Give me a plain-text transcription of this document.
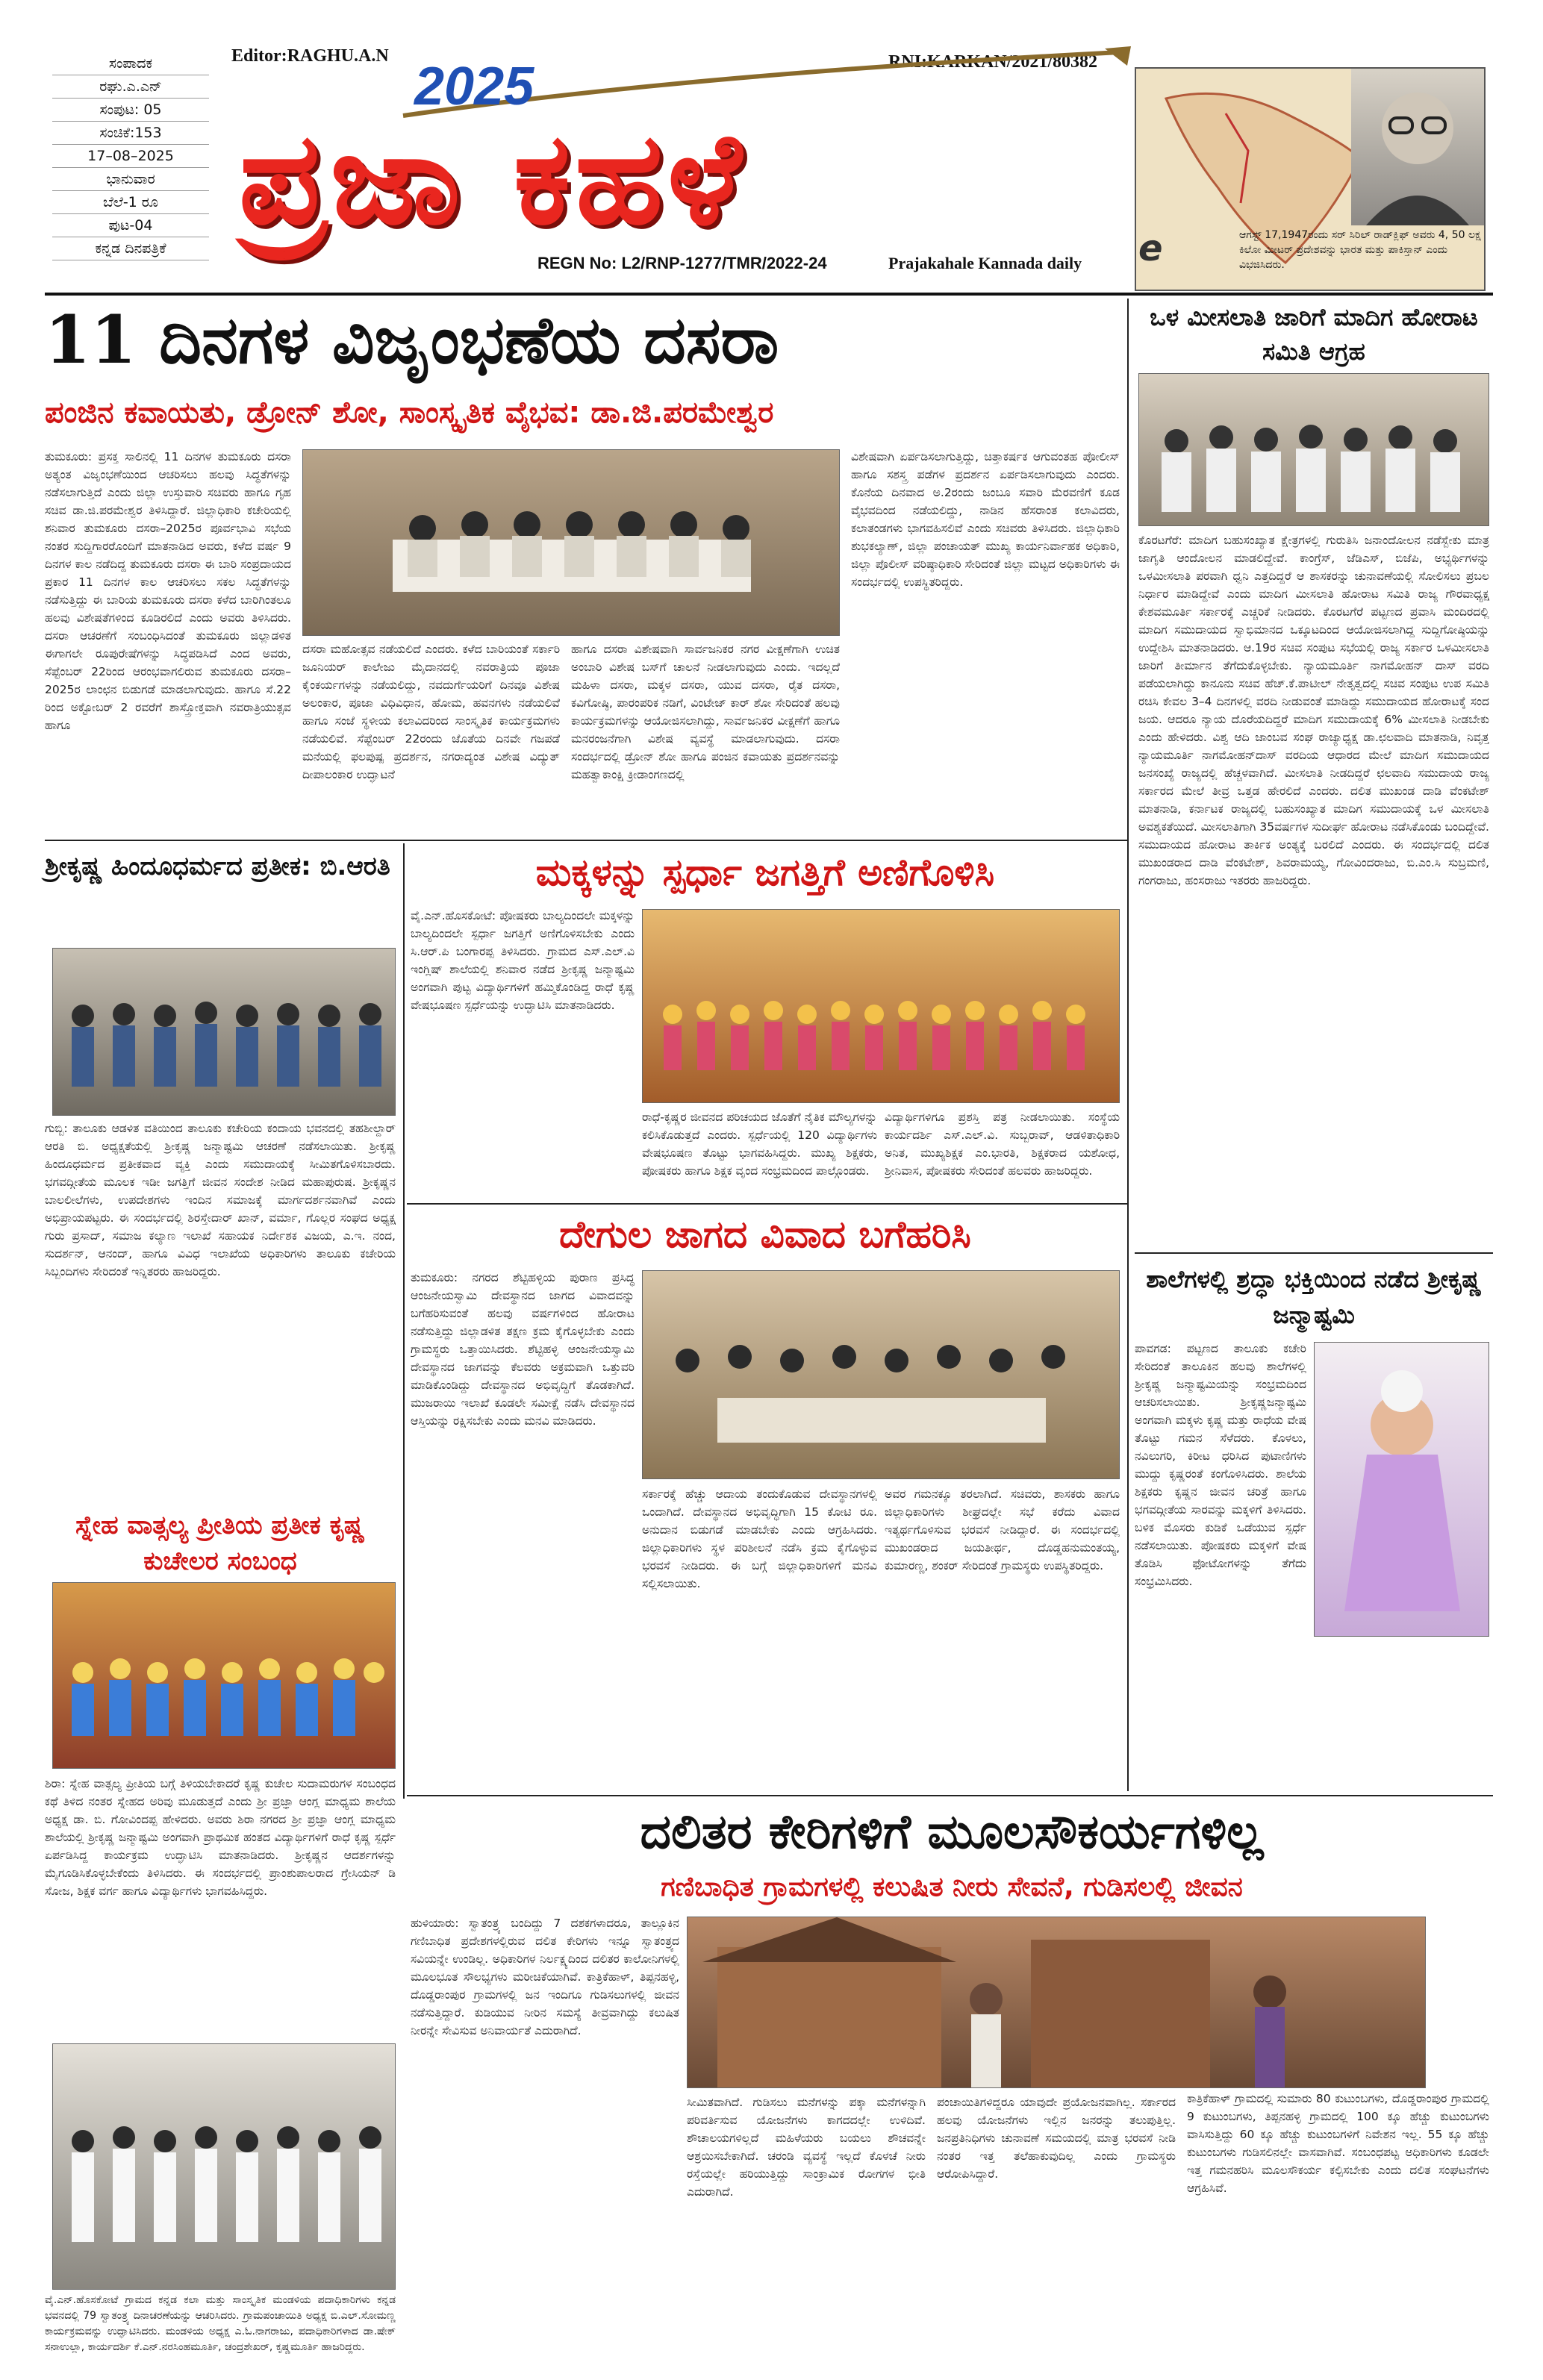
ಸಂಪಾದಕ
ರಘು.ಎ.ಎನ್
ಸಂಪುಟ: 05
ಸಂಚಿಕೆ:153
17–08–2025
ಭಾನುವಾರ
ಬೆಲೆ-1 ರೂ
ಪುಟ-04
ಕನ್ನಡ ದಿನಪತ್ರಿಕೆ
Editor:RAGHU.A.N	RNI:KARKAN/2021/80382
2025
ಪ್ರಜಾ ಕಹಳೆ
REGN No: L2/RNP-1277/TMR/2022-24	Prajakahale Kannada daily e	ಆಗಸ್ಟ್ 17,1947ರಂದು ಸರ್ ಸಿರಿಲ್ ರಾಡ್‌ಕ್ಲಿಫ್ ಅವರು 4, 50 ಲಕ್ಷ ಕಿಲೋ ಮೀಟರ್ ಪ್ರದೇಶವನ್ನು ಭಾರತ ಮತ್ತು ಪಾಕಿಸ್ತಾನ್ ಎಂದು ವಿಭಜಿಸಿದರು.
11 ದಿನಗಳ ವಿಜೃಂಭಣೆಯ ದಸರಾ
ಪಂಜಿನ ಕವಾಯತು, ಡ್ರೋನ್ ಶೋ, ಸಾಂಸ್ಕೃತಿಕ ವೈಭವ: ಡಾ.ಜಿ.ಪರಮೇಶ್ವರ
ತುಮಕೂರು: ಪ್ರಸಕ್ತ ಸಾಲಿನಲ್ಲಿ 11 ದಿನಗಳ ತುಮಕೂರು ದಸರಾ ಅತ್ಯಂತ ವಿಜೃಂಭಣೆಯಿಂದ ಆಚರಿಸಲು ಹಲವು ಸಿದ್ಧತೆಗಳನ್ನು ನಡೆಸಲಾಗುತ್ತಿದೆ ಎಂದು ಜಿಲ್ಲಾ ಉಸ್ತುವಾರಿ ಸಚಿವರು ಹಾಗೂ ಗೃಹ ಸಚಿವ ಡಾ.ಜಿ.ಪರಮೇಶ್ವರ ತಿಳಿಸಿದ್ದಾರೆ. ಜಿಲ್ಲಾಧಿಕಾರಿ ಕಚೇರಿಯಲ್ಲಿ ಶನಿವಾರ ತುಮಕೂರು ದಸರಾ–2025ರ ಪೂರ್ವಭಾವಿ ಸಭೆಯ ನಂತರ ಸುದ್ದಿಗಾರರೊಂದಿಗೆ ಮಾತನಾಡಿದ ಅವರು, ಕಳೆದ ವರ್ಷ 9 ದಿನಗಳ ಕಾಲ ನಡೆದಿದ್ದ ತುಮಕೂರು ದಸರಾ ಈ ಬಾರಿ ಸಂಪ್ರದಾಯದ ಪ್ರಕಾರ 11 ದಿನಗಳ ಕಾಲ ಆಚರಿಸಲು ಸಕಲ ಸಿದ್ಧತೆಗಳನ್ನು ನಡೆಸುತ್ತಿದ್ದು ಈ ಬಾರಿಯ ತುಮಕೂರು ದಸರಾ ಕಳೆದ ಬಾರಿಗಿಂತಲೂ ಹಲವು ವಿಶೇಷತೆಗಳಿಂದ ಕೂಡಿರಲಿದೆ ಎಂದು ಅವರು ತಿಳಿಸಿದರು. ದಸರಾ ಆಚರಣೆಗೆ ಸಂಬಂಧಿಸಿದಂತೆ ತುಮಕೂರು ಜಿಲ್ಲಾಡಳಿತ ಈಗಾಗಲೇ ರೂಪುರೇಷೆಗಳನ್ನು ಸಿದ್ಧಪಡಿಸಿದೆ ಎಂದ ಅವರು, ಸೆಪ್ಟೆಂಬರ್ 22ರಿಂದ ಆರಂಭವಾಗಲಿರುವ ತುಮಕೂರು ದಸರಾ–2025ರ ಲಾಂಛನ ಬಿಡುಗಡೆ ಮಾಡಲಾಗುವುದು. ಹಾಗೂ ಸೆ.22 ರಿಂದ ಅಕ್ಟೋಬರ್ 2 ರವರೆಗೆ ಶಾಸ್ತ್ರೋಕ್ತವಾಗಿ ನವರಾತ್ರಿಯುತ್ಸವ ಹಾಗೂ
ದಸರಾ ಮಹೋತ್ಸವ ನಡೆಯಲಿದೆ ಎಂದರು. ಕಳೆದ ಬಾರಿಯಂತೆ ಸರ್ಕಾರಿ ಜೂನಿಯರ್ ಕಾಲೇಜು ಮೈದಾನದಲ್ಲಿ ನವರಾತ್ರಿಯ ಪೂಜಾ ಕೈಂಕರ್ಯಗಳನ್ನು ನಡೆಯಲಿದ್ದು, ನವದುರ್ಗೆಯರಿಗೆ ದಿನವೂ ವಿಶೇಷ ಅಲಂಕಾರ, ಪೂಜಾ ವಿಧಿವಿಧಾನ, ಹೋಮ, ಹವನಗಳು ನಡೆಯಲಿವೆ ಹಾಗೂ ಸಂಜೆ ಸ್ಥಳೀಯ ಕಲಾವಿದರಿಂದ ಸಾಂಸ್ಕೃತಿಕ ಕಾರ್ಯಕ್ರಮಗಳು ನಡೆಯಲಿವೆ. ಸೆಪ್ಟೆಂಬರ್ 22ರಂದು ಜೊತೆಯ ದಿನವೇ ಗಜಪಡೆ ಮನೆಯಲ್ಲಿ ಫಲಪುಷ್ಪ ಪ್ರದರ್ಶನ, ನಗರಾದ್ಯಂತ ವಿಶೇಷ ವಿದ್ಯುತ್ ದೀಪಾಲಂಕಾರ ಉದ್ಘಾಟನೆ
ಹಾಗೂ ದಸರಾ ವಿಶೇಷವಾಗಿ ಸಾರ್ವಜನಿಕರ ನಗರ ವೀಕ್ಷಣೆಗಾಗಿ ಉಚಿತ ಅಂಬಾರಿ ವಿಶೇಷ ಬಸ್‌ಗೆ ಚಾಲನೆ ನೀಡಲಾಗುವುದು ಎಂದು. ಇದಲ್ಲದೆ ಮಹಿಳಾ ದಸರಾ, ಮಕ್ಕಳ ದಸರಾ, ಯುವ ದಸರಾ, ರೈತ ದಸರಾ, ಕವಿಗೋಷ್ಠಿ, ಪಾರಂಪರಿಕ ನಡಿಗೆ, ವಿಂಟೇಜ್ ಕಾರ್ ಶೋ ಸೇರಿದಂತೆ ಹಲವು ಕಾರ್ಯಕ್ರಮಗಳನ್ನು ಆಯೋಜಿಸಲಾಗಿದ್ದು, ಸಾರ್ವಜನಿಕರ ವೀಕ್ಷಣೆಗೆ ಹಾಗೂ ಮನರಂಜನೆಗಾಗಿ ವಿಶೇಷ ವ್ಯವಸ್ಥೆ ಮಾಡಲಾಗುವುದು. ದಸರಾ ಸಂದರ್ಭದಲ್ಲಿ ಡ್ರೋನ್ ಶೋ ಹಾಗೂ ಪಂಜಿನ ಕವಾಯತು ಪ್ರದರ್ಶನವನ್ನು ಮಹತ್ವಾಕಾಂಕ್ಷಿ ಕ್ರೀಡಾಂಗಣದಲ್ಲಿ
ವಿಶೇಷವಾಗಿ ಏರ್ಪಡಿಸಲಾಗುತ್ತಿದ್ದು, ಚಿತ್ತಾಕರ್ಷಕ ಆಗುವಂತಹ ಪೋಲೀಸ್ ಹಾಗೂ ಸಶಸ್ತ್ರ ಪಡೆಗಳ ಪ್ರದರ್ಶನ ಏರ್ಪಡಿಸಲಾಗುವುದು ಎಂದರು. ಕೊನೆಯ ದಿನವಾದ ಅ.2ರಂದು ಜಂಬೂ ಸವಾರಿ ಮೆರವಣಿಗೆ ಕೂಡ ವೈಭವದಿಂದ ನಡೆಯಲಿದ್ದು, ನಾಡಿನ ಹೆಸರಾಂತ ಕಲಾವಿದರು, ಕಲಾತಂಡಗಳು ಭಾಗವಹಿಸಲಿವೆ ಎಂದು ಸಚಿವರು ತಿಳಿಸಿದರು. ಜಿಲ್ಲಾಧಿಕಾರಿ ಶುಭಕಲ್ಯಾಣ್, ಜಿಲ್ಲಾ ಪಂಚಾಯತ್ ಮುಖ್ಯ ಕಾರ್ಯನಿರ್ವಾಹಕ ಅಧಿಕಾರಿ, ಜಿಲ್ಲಾ ಪೊಲೀಸ್ ವರಿಷ್ಠಾಧಿಕಾರಿ ಸೇರಿದಂತೆ ಜಿಲ್ಲಾ ಮಟ್ಟದ ಅಧಿಕಾರಿಗಳು ಈ ಸಂದರ್ಭದಲ್ಲಿ ಉಪಸ್ಥಿತರಿದ್ದರು.
ಒಳ ಮೀಸಲಾತಿ ಜಾರಿಗೆ ಮಾದಿಗ ಹೋರಾಟ ಸಮಿತಿ ಆಗ್ರಹ
ಕೊರಟಗೆರೆ: ಮಾದಿಗ ಬಹುಸಂಖ್ಯಾತ ಕ್ಷೇತ್ರಗಳಲ್ಲಿ ಗುರುತಿಸಿ ಜನಾಂದೋಲನ ನಡೆಸ್ಬೇಕು ಮಾತ್ರ ಜಾಗೃತಿ ಆಂದೋಲನ ಮಾಡಲಿದ್ದೇವೆ. ಕಾಂಗ್ರೆಸ್, ಜೆಡಿಎಸ್, ಬಿಜೆಪಿ, ಅಭ್ಯರ್ಥಿಗಳನ್ನು ಒಳಮೀಸಲಾತಿ ಪರವಾಗಿ ಧ್ವನಿ ಎತ್ತದಿದ್ದರೆ ಆ ಶಾಸಕರನ್ನು ಚುನಾವಣೆಯಲ್ಲಿ ಸೋಲಿಸಲು ಪ್ರಬಲ ನಿರ್ಧಾರ ಮಾಡಿದ್ದೇವೆ ಎಂದು ಮಾದಿಗ ಮೀಸಲಾತಿ ಹೋರಾಟ ಸಮಿತಿ ರಾಜ್ಯ ಗೌರವಾಧ್ಯಕ್ಷ ಕೇಶವಮೂರ್ತಿ ಸರ್ಕಾರಕ್ಕೆ ಎಚ್ಚರಿಕೆ ನೀಡಿದರು. ಕೊರಟಗೆರೆ ಪಟ್ಟಣದ ಪ್ರವಾಸಿ ಮಂದಿರದಲ್ಲಿ ಮಾದಿಗ ಸಮುದಾಯದ ಸ್ವಾಭಿಮಾನದ ಒಕ್ಕೂಟದಿಂದ ಆಯೋಜಿಸಲಾಗಿದ್ದ ಸುದ್ದಿಗೋಷ್ಠಿಯನ್ನು ಉದ್ದೇಶಿಸಿ ಮಾತನಾಡಿದರು. ಆ.19ರ ಸಚಿವ ಸಂಪುಟ ಸಭೆಯಲ್ಲಿ ರಾಜ್ಯ ಸರ್ಕಾರ ಒಳಮೀಸಲಾತಿ ಜಾರಿಗೆ ತೀರ್ಮಾನ ತೆಗೆದುಕೊಳ್ಳಬೇಕು. ನ್ಯಾಯಮೂರ್ತಿ ನಾಗಮೋಹನ್ ದಾಸ್ ವರದಿ ಪಡೆಯಲಾಗಿದ್ದು ಕಾನೂನು ಸಚಿವ ಹೆಚ್.ಕೆ.ಪಾಟೀಲ್ ನೇತೃತ್ವದಲ್ಲಿ ಸಚಿವ ಸಂಪುಟ ಉಪ ಸಮಿತಿ ರಚಿಸಿ ಕೇವಲ 3–4 ದಿನಗಳಲ್ಲಿ ವರದಿ ನೀಡುವಂತೆ ಮಾಡಿದ್ದು ಸಮುದಾಯದ ಹೋರಾಟಕ್ಕೆ ಸಂದ ಜಯ. ಆದರೂ ನ್ಯಾಯ ದೊರೆಯದಿದ್ದರೆ ಮಾದಿಗ ಸಮುದಾಯಕ್ಕೆ 6% ಮೀಸಲಾತಿ ನೀಡಬೇಕು ಎಂದು ಹೇಳಿದರು. ವಿಶ್ವ ಆದಿ ಜಾಂಬವ ಸಂಘ ರಾಜ್ಯಾಧ್ಯಕ್ಷ ಡಾ.ಛಲವಾದಿ ಮಾತನಾಡಿ, ನಿವೃತ್ತ ನ್ಯಾಯಮೂರ್ತಿ ನಾಗಮೋಹನ್‌ದಾಸ್ ವರದಿಯ ಆಧಾರದ ಮೇಲೆ ಮಾದಿಗ ಸಮುದಾಯದ ಜನಸಂಖ್ಯೆ ರಾಜ್ಯದಲ್ಲಿ ಹೆಚ್ಚಳವಾಗಿದೆ. ಮೀಸಲಾತಿ ನೀಡದಿದ್ದರೆ ಛಲವಾದಿ ಸಮುದಾಯ ರಾಜ್ಯ ಸರ್ಕಾರದ ಮೇಲೆ ತೀವ್ರ ಒತ್ತಡ ಹೇರಲಿದೆ ಎಂದರು. ದಲಿತ ಮುಖಂಡ ದಾಡಿ ವೆಂಕಟೇಶ್ ಮಾತನಾಡಿ, ಕರ್ನಾಟಕ ರಾಜ್ಯದಲ್ಲಿ ಬಹುಸಂಖ್ಯಾತ ಮಾದಿಗ ಸಮುದಾಯಕ್ಕೆ ಒಳ ಮೀಸಲಾತಿ ಅವಶ್ಯಕತೆಯಿದೆ. ಮೀಸಲಾತಿಗಾಗಿ 35ವರ್ಷಗಳ ಸುದೀರ್ಘ ಹೋರಾಟ ನಡೆಸಿಕೊಂಡು ಬಂದಿದ್ದೇವೆ. ಸಮುದಾಯದ ಹೋರಾಟ ತಾರ್ಕಿಕ ಅಂತ್ಯಕ್ಕೆ ಬರಲಿದೆ ಎಂದರು. ಈ ಸಂದರ್ಭದಲ್ಲಿ ದಲಿತ ಮುಖಂಡರಾದ ದಾಡಿ ವೆಂಕಟೇಶ್, ಶಿವರಾಮಯ್ಯ, ಗೋವಿಂದರಾಜು, ಬಿ.ಎಂ.ಸಿ ಸುಬ್ರಮಣಿ, ಗಂಗರಾಜು, ಹಂಸರಾಜು ಇತರರು ಹಾಜರಿದ್ದರು.
ಶ್ರೀಕೃಷ್ಣ ಹಿಂದೂಧರ್ಮದ ಪ್ರತೀಕ: ಬಿ.ಆರತಿ
ಗುಬ್ಬಿ: ತಾಲೂಕು ಆಡಳಿತ ವತಿಯಿಂದ ತಾಲೂಕು ಕಚೇರಿಯ ಕಂದಾಯ ಭವನದಲ್ಲಿ ತಹಶೀಲ್ದಾರ್ ಆರತಿ ಬಿ. ಅಧ್ಯಕ್ಷತೆಯಲ್ಲಿ ಶ್ರೀಕೃಷ್ಣ ಜನ್ಮಾಷ್ಟಮಿ ಆಚರಣೆ ನಡೆಸಲಾಯಿತು. ಶ್ರೀಕೃಷ್ಣ ಹಿಂದೂಧರ್ಮದ ಪ್ರತೀಕವಾದ ವ್ಯಕ್ತಿ ಎಂದು ಸಮುದಾಯಕ್ಕೆ ಸೀಮಿತಗೊಳಿಸಬಾರದು. ಭಗವದ್ಗೀತೆಯ ಮೂಲಕ ಇಡೀ ಜಗತ್ತಿಗೆ ಜೀವನ ಸಂದೇಶ ನೀಡಿದ ಮಹಾಪುರುಷ. ಶ್ರೀಕೃಷ್ಣನ ಬಾಲಲೀಲೆಗಳು, ಉಪದೇಶಗಳು ಇಂದಿನ ಸಮಾಜಕ್ಕೆ ಮಾರ್ಗದರ್ಶನವಾಗಿವೆ ಎಂದು ಅಭಿಪ್ರಾಯಪಟ್ಟರು. ಈ ಸಂದರ್ಭದಲ್ಲಿ ಶಿರಸ್ತೇದಾರ್ ಖಾನ್, ವರ್ಮಾ, ಗೊಲ್ಲರ ಸಂಘದ ಅಧ್ಯಕ್ಷ ಗುರು ಪ್ರಸಾದ್, ಸಮಾಜ ಕಲ್ಯಾಣ ಇಲಾಖೆ ಸಹಾಯಕ ನಿರ್ದೇಶಕ ವಿಜಯ, ಎ.ಇ. ನಂದ, ಸುದರ್ಶನ್, ಆನಂದ್, ಹಾಗೂ ವಿವಿಧ ಇಲಾಖೆಯ ಅಧಿಕಾರಿಗಳು ತಾಲೂಕು ಕಚೇರಿಯ ಸಿಬ್ಬಂದಿಗಳು ಸೇರಿದಂತೆ ಇನ್ನಿತರರು ಹಾಜರಿದ್ದರು.
ಸ್ನೇಹ ವಾತ್ಸಲ್ಯ ಪ್ರೀತಿಯ ಪ್ರತೀಕ ಕೃಷ್ಣ ಕುಚೇಲರ ಸಂಬಂಧ
ಶಿರಾ: ಸ್ನೇಹ ವಾತ್ಸಲ್ಯ ಪ್ರೀತಿಯ ಬಗ್ಗೆ ತಿಳಿಯಬೇಕಾದರೆ ಕೃಷ್ಣ ಕುಚೇಲ ಸುದಾಮರುಗಳ ಸಂಬಂಧದ ಕಥೆ ತಿಳಿದ ನಂತರ ಸ್ನೇಹದ ಅರಿವು ಮೂಡುತ್ತದೆ ಎಂದು ಶ್ರೀ ಪ್ರಜ್ಞಾ ಆಂಗ್ಲ ಮಾಧ್ಯಮ ಶಾಲೆಯ ಅಧ್ಯಕ್ಷ ಡಾ. ಬಿ. ಗೋವಿಂದಪ್ಪ ಹೇಳಿದರು. ಅವರು ಶಿರಾ ನಗರದ ಶ್ರೀ ಪ್ರಜ್ಞಾ ಆಂಗ್ಲ ಮಾಧ್ಯಮ ಶಾಲೆಯಲ್ಲಿ ಶ್ರೀಕೃಷ್ಣ ಜನ್ಮಾಷ್ಟಮಿ ಅಂಗವಾಗಿ ಪ್ರಾಥಮಿಕ ಹಂತದ ವಿದ್ಯಾರ್ಥಿಗಳಿಗೆ ರಾಧೆ ಕೃಷ್ಣ ಸ್ಪರ್ಧೆ ಏರ್ಪಡಿಸಿದ್ದ ಕಾರ್ಯಕ್ರಮ ಉದ್ಘಾಟಿಸಿ ಮಾತನಾಡಿದರು. ಶ್ರೀಕೃಷ್ಣನ ಆದರ್ಶಗಳನ್ನು ಮೈಗೂಡಿಸಿಕೊಳ್ಳಬೇಕೆಂದು ತಿಳಿಸಿದರು. ಈ ಸಂದರ್ಭದಲ್ಲಿ ಪ್ರಾಂಶುಪಾಲರಾದ ಗ್ರೇಸಿಯನ್ ಡಿ ಸೋಜ, ಶಿಕ್ಷಕ ವರ್ಗ ಹಾಗೂ ವಿದ್ಯಾರ್ಥಿಗಳು ಭಾಗವಹಿಸಿದ್ದರು.
ವೈ.ಎನ್.ಹೊಸಕೋಟೆ ಗ್ರಾಮದ ಕನ್ನಡ ಕಲಾ ಮತ್ತು ಸಾಂಸ್ಕೃತಿಕ ಮಂಡಳಿಯ ಪದಾಧಿಕಾರಿಗಳು ಕನ್ನಡ ಭವನದಲ್ಲಿ 79 ಸ್ವಾತಂತ್ರ್ಯ ದಿನಾಚರಣೆಯನ್ನು ಆಚರಿಸಿದರು. ಗ್ರಾಮಪಂಚಾಯಿತಿ ಅಧ್ಯಕ್ಷ ಬಿ.ಎಲ್.ಸೋಮಣ್ಣ ಕಾರ್ಯಕ್ರಮವನ್ನು ಉದ್ಘಾಟಿಸಿದರು. ಮಂಡಳಿಯ ಅಧ್ಯಕ್ಷ ಎ.ಓ.ನಾಗರಾಜು, ಪದಾಧಿಕಾರಿಗಳಾದ ಡಾ.ಷೇಕ್ ಸನಾಉಲ್ಲಾ, ಕಾರ್ಯದರ್ಶಿ ಕೆ.ಎನ್.ನರಸಿಂಹಮೂರ್ತಿ, ಚಂದ್ರಶೇಖರ್, ಕೃಷ್ಣಮೂರ್ತಿ ಹಾಜರಿದ್ದರು.
ಮಕ್ಕಳನ್ನು ಸ್ಪರ್ಧಾ ಜಗತ್ತಿಗೆ ಅಣಿಗೊಳಿಸಿ
ವೈ.ಎನ್.ಹೊಸಕೋಟೆ: ಪೋಷಕರು ಬಾಲ್ಯದಿಂದಲೇ ಮಕ್ಕಳನ್ನು ಬಾಲ್ಯದಿಂದಲೇ ಸ್ಪರ್ಧಾ ಜಗತ್ತಿಗೆ ಅಣಿಗೊಳಿಸಬೇಕು ಎಂದು ಸಿ.ಆರ್.ಪಿ ಬಂಗಾರಪ್ಪ ತಿಳಿಸಿದರು. ಗ್ರಾಮದ ಎಸ್.ಎಲ್.ವಿ ಇಂಗ್ಲಿಷ್ ಶಾಲೆಯಲ್ಲಿ ಶನಿವಾರ ನಡೆದ ಶ್ರೀಕೃಷ್ಣ ಜನ್ಮಾಷ್ಟಮಿ ಅಂಗವಾಗಿ ಪುಟ್ಟ ವಿದ್ಯಾರ್ಥಿಗಳಿಗೆ ಹಮ್ಮಿಕೊಂಡಿದ್ದ ರಾಧೆ ಕೃಷ್ಣ ವೇಷಭೂಷಣ ಸ್ಪರ್ಧೆಯನ್ನು ಉದ್ಘಾಟಿಸಿ ಮಾತನಾಡಿದರು.
ರಾಧೆ-ಕೃಷ್ಣರ ಜೀವನದ ಪರಿಚಯದ ಜೊತೆಗೆ ನೈತಿಕ ಮೌಲ್ಯಗಳನ್ನು ಕಲಿಸಿಕೊಡುತ್ತದೆ ಎಂದರು. ಸ್ಪರ್ಧೆಯಲ್ಲಿ 120 ವಿದ್ಯಾರ್ಥಿಗಳು ವೇಷಭೂಷಣ ತೊಟ್ಟು ಭಾಗವಹಿಸಿದ್ದರು. ಮುಖ್ಯ ಶಿಕ್ಷಕರು, ಪೋಷಕರು ಹಾಗೂ ಶಿಕ್ಷಕ ವೃಂದ ಸಂಭ್ರಮದಿಂದ ಪಾಲ್ಗೊಂಡರು.
ವಿದ್ಯಾರ್ಥಿಗಳಿಗೂ ಪ್ರಶಸ್ತಿ ಪತ್ರ ನೀಡಲಾಯಿತು. ಸಂಸ್ಥೆಯ ಕಾರ್ಯದರ್ಶಿ ಎಸ್.ಎಲ್.ವಿ. ಸುಬ್ಬರಾವ್, ಆಡಳಿತಾಧಿಕಾರಿ ಅನಿತ, ಮುಖ್ಯಶಿಕ್ಷಕ ಎಂ.ಭಾರತಿ, ಶಿಕ್ಷಕರಾದ ಯಶೋಧ, ಶ್ರೀನಿವಾಸ, ಪೋಷಕರು ಸೇರಿದಂತೆ ಹಲವರು ಹಾಜರಿದ್ದರು.
ದೇಗುಲ ಜಾಗದ ವಿವಾದ ಬಗೆಹರಿಸಿ
ತುಮಕೂರು: ನಗರದ ಶೆಟ್ಟಿಹಳ್ಳಿಯ ಪುರಾಣ ಪ್ರಸಿದ್ಧ ಆಂಜನೇಯಸ್ವಾಮಿ ದೇವಸ್ಥಾನದ ಜಾಗದ ವಿವಾದವನ್ನು ಬಗೆಹರಿಸುವಂತೆ ಹಲವು ವರ್ಷಗಳಿಂದ ಹೋರಾಟ ನಡೆಸುತ್ತಿದ್ದು ಜಿಲ್ಲಾಡಳಿತ ತಕ್ಷಣ ಕ್ರಮ ಕೈಗೊಳ್ಳಬೇಕು ಎಂದು ಗ್ರಾಮಸ್ಥರು ಒತ್ತಾಯಿಸಿದರು. ಶೆಟ್ಟಿಹಳ್ಳಿ ಆಂಜನೇಯಸ್ವಾಮಿ ದೇವಸ್ಥಾನದ ಜಾಗವನ್ನು ಕೆಲವರು ಅಕ್ರಮವಾಗಿ ಒತ್ತುವರಿ ಮಾಡಿಕೊಂಡಿದ್ದು ದೇವಸ್ಥಾನದ ಅಭಿವೃದ್ಧಿಗೆ ತೊಡಕಾಗಿದೆ. ಮುಜರಾಯಿ ಇಲಾಖೆ ಕೂಡಲೇ ಸಮೀಕ್ಷೆ ನಡೆಸಿ ದೇವಸ್ಥಾನದ ಆಸ್ತಿಯನ್ನು ರಕ್ಷಿಸಬೇಕು ಎಂದು ಮನವಿ ಮಾಡಿದರು.
ಸರ್ಕಾರಕ್ಕೆ ಹೆಚ್ಚು ಆದಾಯ ತಂದುಕೊಡುವ ದೇವಸ್ಥಾನಗಳಲ್ಲಿ ಒಂದಾಗಿದೆ. ದೇವಸ್ಥಾನದ ಅಭಿವೃದ್ಧಿಗಾಗಿ 15 ಕೋಟಿ ರೂ. ಅನುದಾನ ಬಿಡುಗಡೆ ಮಾಡಬೇಕು ಎಂದು ಆಗ್ರಹಿಸಿದರು. ಜಿಲ್ಲಾಧಿಕಾರಿಗಳು ಸ್ಥಳ ಪರಿಶೀಲನೆ ನಡೆಸಿ ಕ್ರಮ ಕೈಗೊಳ್ಳುವ ಭರವಸೆ ನೀಡಿದರು. ಈ ಬಗ್ಗೆ ಜಿಲ್ಲಾಧಿಕಾರಿಗಳಿಗೆ ಮನವಿ ಸಲ್ಲಿಸಲಾಯಿತು.
ಅವರ ಗಮನಕ್ಕೂ ತರಲಾಗಿದೆ. ಸಚಿವರು, ಶಾಸಕರು ಹಾಗೂ ಜಿಲ್ಲಾಧಿಕಾರಿಗಳು ಶೀಘ್ರದಲ್ಲೇ ಸಭೆ ಕರೆದು ವಿವಾದ ಇತ್ಯರ್ಥಗೊಳಿಸುವ ಭರವಸೆ ನೀಡಿದ್ದಾರೆ. ಈ ಸಂದರ್ಭದಲ್ಲಿ ಮುಖಂಡರಾದ ಜಯತೀರ್ಥ, ದೊಡ್ಡಹನುಮಂತಯ್ಯ, ಕುಮಾರಣ್ಣ, ಶಂಕರ್ ಸೇರಿದಂತೆ ಗ್ರಾಮಸ್ಥರು ಉಪಸ್ಥಿತರಿದ್ದರು.
ಶಾಲೆಗಳಲ್ಲಿ ಶ್ರದ್ಧಾ ಭಕ್ತಿಯಿಂದ ನಡೆದ ಶ್ರೀಕೃಷ್ಣ ಜನ್ಮಾಷ್ಟಮಿ
ಪಾವಗಡ: ಪಟ್ಟಣದ ತಾಲೂಕು ಕಚೇರಿ ಸೇರಿದಂತೆ ತಾಲೂಕಿನ ಹಲವು ಶಾಲೆಗಳಲ್ಲಿ ಶ್ರೀಕೃಷ್ಣ ಜನ್ಮಾಷ್ಟಮಿಯನ್ನು ಸಂಭ್ರಮದಿಂದ ಆಚರಿಸಲಾಯಿತು. ಶ್ರೀಕೃಷ್ಣಜನ್ಮಾಷ್ಟಮಿ ಅಂಗವಾಗಿ ಮಕ್ಕಳು ಕೃಷ್ಣ ಮತ್ತು ರಾಧೆಯ ವೇಷ ತೊಟ್ಟು ಗಮನ ಸೆಳೆದರು. ಕೊಳಲು, ನವಿಲುಗರಿ, ಕಿರೀಟ ಧರಿಸಿದ ಪುಟಾಣಿಗಳು ಮುದ್ದು ಕೃಷ್ಣರಂತೆ ಕಂಗೊಳಿಸಿದರು. ಶಾಲೆಯ ಶಿಕ್ಷಕರು ಕೃಷ್ಣನ ಜೀವನ ಚರಿತ್ರೆ ಹಾಗೂ ಭಗವದ್ಗೀತೆಯ ಸಾರವನ್ನು ಮಕ್ಕಳಿಗೆ ತಿಳಿಸಿದರು. ಬಳಿಕ ಮೊಸರು ಕುಡಿಕೆ ಒಡೆಯುವ ಸ್ಪರ್ಧೆ ನಡೆಸಲಾಯಿತು. ಪೋಷಕರು ಮಕ್ಕಳಿಗೆ ವೇಷ ತೊಡಿಸಿ ಫೋಟೋಗಳನ್ನು ತೆಗೆದು ಸಂಭ್ರಮಿಸಿದರು.
ದಲಿತರ ಕೇರಿಗಳಿಗೆ ಮೂಲಸೌಕರ್ಯಗಳಿಲ್ಲ
ಗಣಿಬಾಧಿತ ಗ್ರಾಮಗಳಲ್ಲಿ ಕಲುಷಿತ ನೀರು ಸೇವನೆ, ಗುಡಿಸಲಲ್ಲಿ ಜೀವನ
ಹುಳಿಯಾರು: ಸ್ವಾತಂತ್ರ್ಯ ಬಂದಿದ್ದು 7 ದಶಕಗಳಾದರೂ, ತಾಲ್ಲೂಕಿನ ಗಣಿಬಾಧಿತ ಪ್ರದೇಶಗಳಲ್ಲಿರುವ ದಲಿತ ಕೇರಿಗಳು ಇನ್ನೂ ಸ್ವಾತಂತ್ರ್ಯದ ಸವಿಯನ್ನೇ ಉಂಡಿಲ್ಲ. ಅಧಿಕಾರಿಗಳ ನಿರ್ಲಕ್ಷ್ಯದಿಂದ ದಲಿತರ ಕಾಲೋನಿಗಳಲ್ಲಿ ಮೂಲಭೂತ ಸೌಲಭ್ಯಗಳು ಮರೀಚಿಕೆಯಾಗಿವೆ. ಕಾತ್ರಿಕೆಹಾಳ್, ತಿಪ್ಪನಹಳ್ಳಿ, ದೊಡ್ಡರಾಂಪುರ ಗ್ರಾಮಗಳಲ್ಲಿ ಜನ ಇಂದಿಗೂ ಗುಡಿಸಲುಗಳಲ್ಲಿ ಜೀವನ ನಡೆಸುತ್ತಿದ್ದಾರೆ. ಕುಡಿಯುವ ನೀರಿನ ಸಮಸ್ಯೆ ತೀವ್ರವಾಗಿದ್ದು ಕಲುಷಿತ ನೀರನ್ನೇ ಸೇವಿಸುವ ಅನಿವಾರ್ಯತೆ ಎದುರಾಗಿದೆ.
ಸೀಮಿತವಾಗಿದೆ. ಗುಡಿಸಲು ಮನೆಗಳನ್ನು ಪಕ್ಕಾ ಮನೆಗಳನ್ನಾಗಿ ಪರಿವರ್ತಿಸುವ ಯೋಜನೆಗಳು ಕಾಗದದಲ್ಲೇ ಉಳಿದಿವೆ. ಶೌಚಾಲಯಗಳಿಲ್ಲದೆ ಮಹಿಳೆಯರು ಬಯಲು ಶೌಚವನ್ನೇ ಆಶ್ರಯಿಸಬೇಕಾಗಿದೆ. ಚರಂಡಿ ವ್ಯವಸ್ಥೆ ಇಲ್ಲದೆ ಕೊಳಚೆ ನೀರು ರಸ್ತೆಯಲ್ಲೇ ಹರಿಯುತ್ತಿದ್ದು ಸಾಂಕ್ರಾಮಿಕ ರೋಗಗಳ ಭೀತಿ ಎದುರಾಗಿದೆ.
ಪಂಚಾಯಿತಿಗಳಿದ್ದರೂ ಯಾವುದೇ ಪ್ರಯೋಜನವಾಗಿಲ್ಲ. ಸರ್ಕಾರದ ಹಲವು ಯೋಜನೆಗಳು ಇಲ್ಲಿನ ಜನರನ್ನು ತಲುಪುತ್ತಿಲ್ಲ. ಜನಪ್ರತಿನಿಧಿಗಳು ಚುನಾವಣೆ ಸಮಯದಲ್ಲಿ ಮಾತ್ರ ಭರವಸೆ ನೀಡಿ ನಂತರ ಇತ್ತ ತಲೆಹಾಕುವುದಿಲ್ಲ ಎಂದು ಗ್ರಾಮಸ್ಥರು ಆರೋಪಿಸಿದ್ದಾರೆ.
ಕಾತ್ರಿಕೆಹಾಳ್ ಗ್ರಾಮದಲ್ಲಿ ಸುಮಾರು 80 ಕುಟುಂಬಗಳು, ದೊಡ್ಡರಾಂಪುರ ಗ್ರಾಮದಲ್ಲಿ 9 ಕುಟುಂಬಗಳು, ತಿಪ್ಪನಹಳ್ಳಿ ಗ್ರಾಮದಲ್ಲಿ 100 ಕ್ಕೂ ಹೆಚ್ಚು ಕುಟುಂಬಗಳು ವಾಸಿಸುತ್ತಿದ್ದು 60 ಕ್ಕೂ ಹೆಚ್ಚು ಕುಟುಂಬಗಳಿಗೆ ನಿವೇಶನ ಇಲ್ಲ. 55 ಕ್ಕೂ ಹೆಚ್ಚು ಕುಟುಂಬಗಳು ಗುಡಿಸಲಿನಲ್ಲೇ ವಾಸವಾಗಿವೆ. ಸಂಬಂಧಪಟ್ಟ ಅಧಿಕಾರಿಗಳು ಕೂಡಲೇ ಇತ್ತ ಗಮನಹರಿಸಿ ಮೂಲಸೌಕರ್ಯ ಕಲ್ಪಿಸಬೇಕು ಎಂದು ದಲಿತ ಸಂಘಟನೆಗಳು ಆಗ್ರಹಿಸಿವೆ.
